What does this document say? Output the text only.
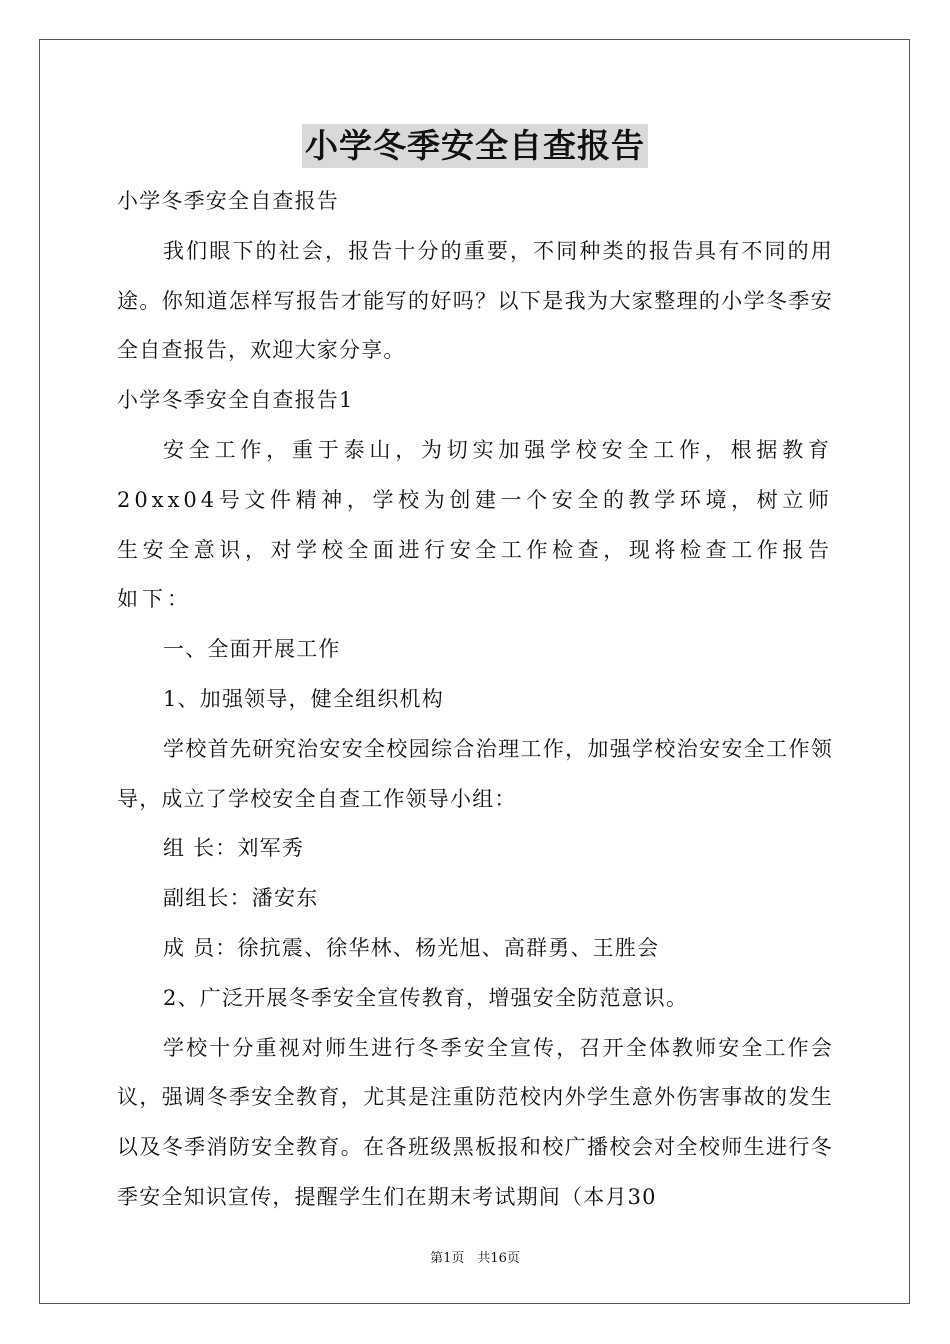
小学冬季安全自查报告

小学冬季安全自查报告

我们眼下的社会，报告十分的重要，不同种类的报告具有不同的用途。你知道怎样写报告才能写的好吗？以下是我为大家整理的小学冬季安全自查报告，欢迎大家分享。

小学冬季安全自查报告1

安全工作，重于泰山，为切实加强学校安全工作，根据教育20xx04号文件精神，学校为创建一个安全的教学环境，树立师生安全意识，对学校全面进行安全工作检查，现将检查工作报告如下：

一、全面开展工作

1、加强领导，健全组织机构

学校首先研究治安安全校园综合治理工作，加强学校治安安全工作领导，成立了学校安全自查工作领导小组：

组 长：刘军秀

副组长：潘安东

成 员：徐抗震、徐华林、杨光旭、高群勇、王胜会

2、广泛开展冬季安全宣传教育，增强安全防范意识。

学校十分重视对师生进行冬季安全宣传，召开全体教师安全工作会议，强调冬季安全教育，尤其是注重防范校内外学生意外伤害事故的发生以及冬季消防安全教育。在各班级黑板报和校广播校会对全校师生进行冬季安全知识宣传，提醒学生们在期末考试期间（本月30

第1页　共16页
